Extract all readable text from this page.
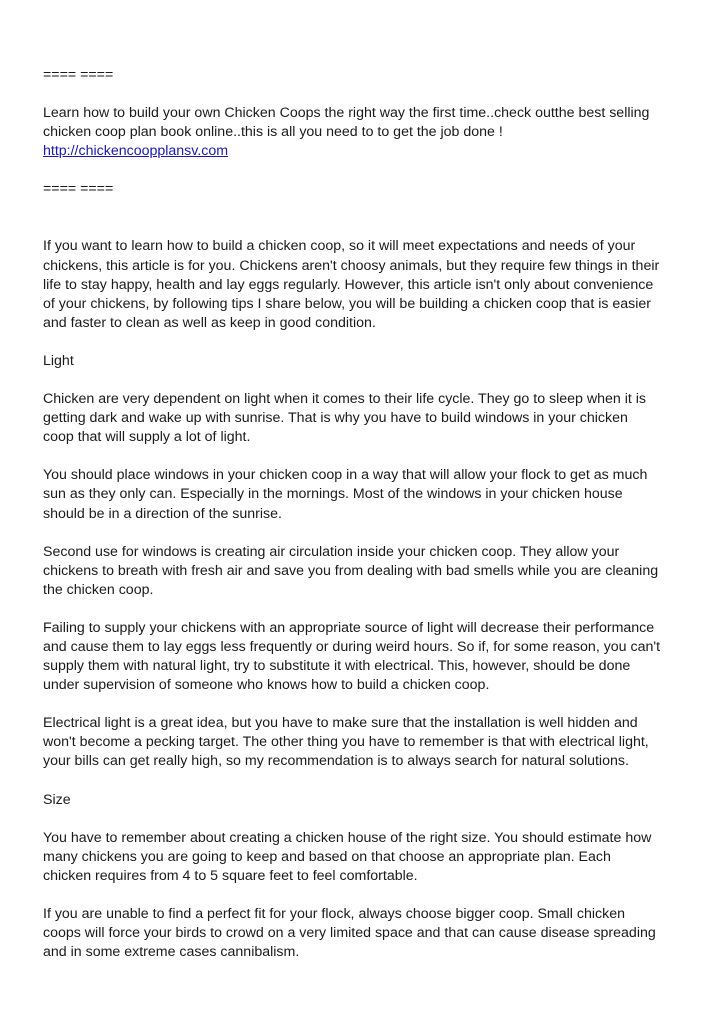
==== ====

Learn how to build your own Chicken Coops the right way the first time..check outthe best selling
chicken coop plan book online..this is all you need to to get the job done !

http://chickencoopplansv.com

==== ====

If you want to learn how to build a chicken coop, so it will meet expectations and needs of your
chickens, this article is for you. Chickens aren't choosy animals, but they require few things in their
life to stay happy, health and lay eggs regularly. However, this article isn't only about convenience
of your chickens, by following tips I share below, you will be building a chicken coop that is easier
and faster to clean as well as keep in good condition.

Light

Chicken are very dependent on light when it comes to their life cycle. They go to sleep when it is
getting dark and wake up with sunrise. That is why you have to build windows in your chicken
coop that will supply a lot of light.

You should place windows in your chicken coop in a way that will allow your flock to get as much
sun as they only can. Especially in the mornings. Most of the windows in your chicken house
should be in a direction of the sunrise.

Second use for windows is creating air circulation inside your chicken coop. They allow your
chickens to breath with fresh air and save you from dealing with bad smells while you are cleaning
the chicken coop.

Failing to supply your chickens with an appropriate source of light will decrease their performance
and cause them to lay eggs less frequently or during weird hours. So if, for some reason, you can't
supply them with natural light, try to substitute it with electrical. This, however, should be done
under supervision of someone who knows how to build a chicken coop.

Electrical light is a great idea, but you have to make sure that the installation is well hidden and
won't become a pecking target. The other thing you have to remember is that with electrical light,
your bills can get really high, so my recommendation is to always search for natural solutions.

Size

You have to remember about creating a chicken house of the right size. You should estimate how
many chickens you are going to keep and based on that choose an appropriate plan. Each
chicken requires from 4 to 5 square feet to feel comfortable.

If you are unable to find a perfect fit for your flock, always choose bigger coop. Small chicken
coops will force your birds to crowd on a very limited space and that can cause disease spreading
and in some extreme cases cannibalism.
